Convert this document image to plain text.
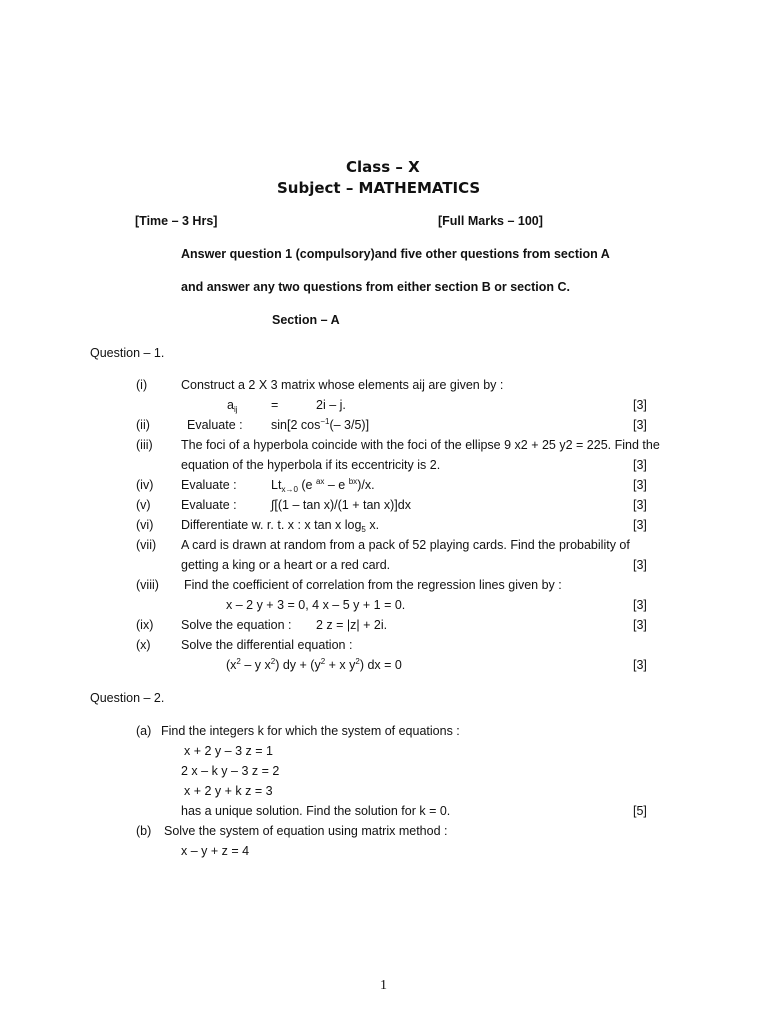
Class – X
Subject – MATHEMATICS
[Time – 3 Hrs]	[Full Marks – 100]
Answer question 1 (compulsory)and five other questions from section A
and answer any two questions from either section B or section C.
Section – A
Question – 1.
(i)	Construct a 2 X 3 matrix whose elements aij are given by :
$a_{ij}$	=	2i – j.	[3]
(ii)	Evaluate : sin[2 $\cos^{-1}(-$ 3/5)]	[3]
(iii) The foci of a hyperbola coincide with the foci of the ellipse 9 x2 + 25 y2 = 225. Find the
equation of the hyperbola if its eccentricity is 2.	[3]
(iv) Evaluate :	$Lt_{x\to 0}$ (e $^{ax}$ – e $^{bx}$)/x.	[3]
(v) Evaluate :	∫[(1 – tan x)/(1 + tan x)]dx	[3]
(vi) Differentiate w. r. t. x : x tan x $\log_5 x$.	[3]
(vii) A card is drawn at random from a pack of 52 playing cards. Find the probability of
getting a king or a heart or a red card.	[3]
(viii) Find the coefficient of correlation from the regression lines given by :
x – 2 y + 3 = 0, 4 x – 5 y + 1 = 0.	[3]
(ix) Solve the equation : 2 z = |z| + 2i.	[3]
(x) Solve the differential equation :
($x^2$ – y $x^2$) dy + ($y^2 + x$ $y^2$) dx = 0	[3]
Question – 2.
(a) Find the integers k for which the system of equations :
x + 2 y – 3 z = 1
2 x – k y – 3 z = 2
x + 2 y + k z = 3
has a unique solution. Find the solution for k = 0.	[5]
(b) Solve the system of equation using matrix method :
x – y + z = 4
1
